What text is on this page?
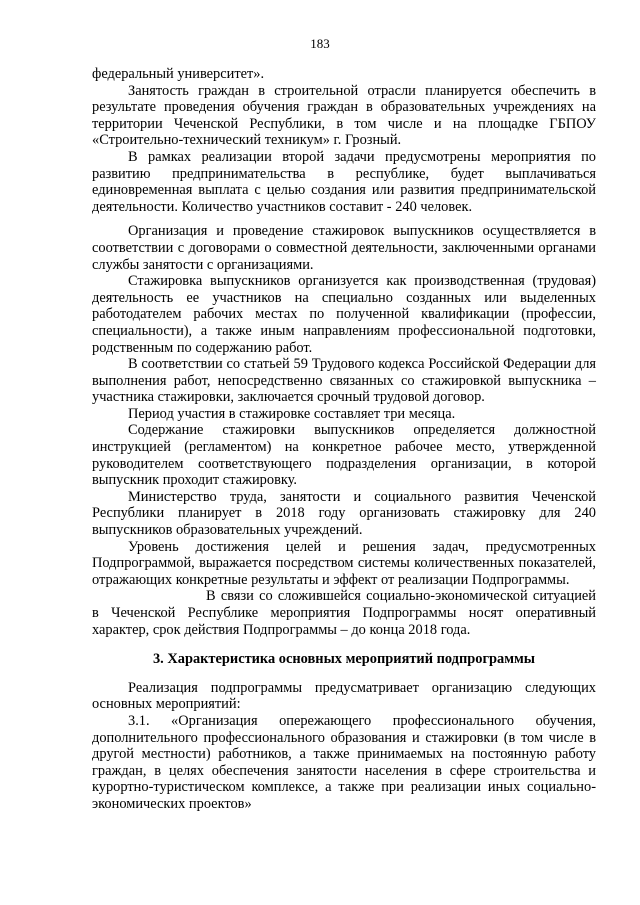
183

федеральный университет».

Занятость граждан в строительной отрасли планируется обеспечить в результате проведения обучения граждан в образовательных учреждениях на территории Чеченской Республики, в том числе и на площадке ГБПОУ «Строительно-технический техникум» г. Грозный.

В рамках реализации второй задачи предусмотрены мероприятия по развитию предпринимательства в республике, будет выплачиваться единовременная выплата с целью создания или развития предпринимательской деятельности. Количество участников составит - 240 человек.

Организация и проведение стажировок выпускников осуществляется в соответствии с договорами о совместной деятельности, заключенными органами службы занятости с организациями.

Стажировка выпускников организуется как производственная (трудовая) деятельность ее участников на специально созданных или выделенных работодателем рабочих местах по полученной квалификации (профессии, специальности), а также иным направлениям профессиональной подготовки, родственным по содержанию работ.

В соответствии со статьей 59 Трудового кодекса Российской Федерации для выполнения работ, непосредственно связанных со стажировкой выпускника – участника стажировки, заключается срочный трудовой договор.

Период участия в стажировке составляет три месяца.

Содержание стажировки выпускников определяется должностной инструкцией (регламентом) на конкретное рабочее место, утвержденной руководителем соответствующего подразделения организации, в которой выпускник проходит стажировку.

Министерство труда, занятости и социального развития Чеченской Республики планирует в 2018 году организовать стажировку для 240 выпускников образовательных учреждений.

Уровень достижения целей и решения задач, предусмотренных Подпрограммой, выражается посредством системы количественных показателей, отражающих конкретные результаты и эффект от реализации Подпрограммы.

В связи со сложившейся социально-экономической ситуацией в Чеченской Республике мероприятия Подпрограммы носят оперативный характер, срок действия Подпрограммы – до конца 2018 года.

3. Характеристика основных мероприятий подпрограммы

Реализация подпрограммы предусматривает организацию следующих основных мероприятий:

3.1. «Организация опережающего профессионального обучения, дополнительного профессионального образования и стажировки (в том числе в другой местности) работников, а также принимаемых на постоянную работу граждан, в целях обеспечения занятости населения в сфере строительства и курортно-туристическом комплексе, а также при реализации иных социально-экономических проектов»
